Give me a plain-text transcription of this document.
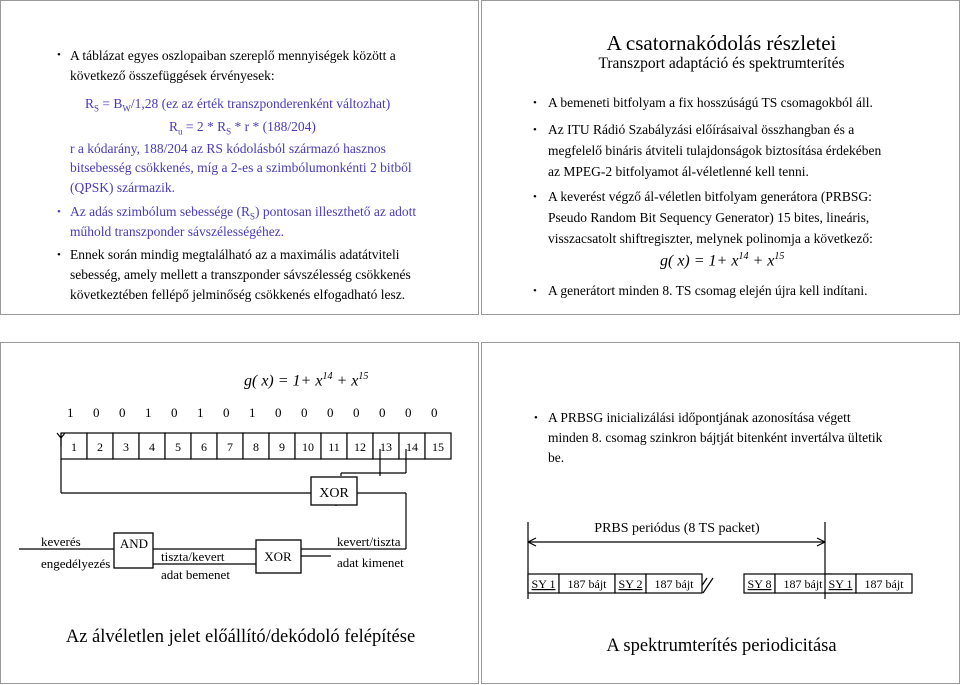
• A táblázat egyes oszlopaiban szereplő mennyiségek között a
következő összefüggések érvényesek:
$R_S = B_W/1,28$ (ez az érték transzponderenként változhat)
$R_u = 2 * R_S * r * (188/204)$
r a kódarány, 188/204 az RS kódolásból származó hasznos
bitsebesség csökkenés, míg a 2-es a szimbólumonkénti 2 bitből
(QPSK) származik.
• Az adás szimbólum sebessége $(R_S)$ pontosan illeszthető az adott
műhold transzponder sávszélességéhez.
• Ennek során mindig megtalálható az a maximális adatátviteli
sebesség, amely mellett a transzponder sávszélesség csökkenés
következtében fellépő jelminőség csökkenés elfogadható lesz.
A csatornakódolás részletei
Transzport adaptáció és spektrumterítés
• A bemeneti bitfolyam a fix hosszúságú TS csomagokból áll.
• Az ITU Rádió Szabályzási előírásaival összhangban és a
megfelelő bináris átviteli tulajdonságok biztosítása érdekében
az MPEG-2 bitfolyamot ál-véletlenné kell tenni.
• A keverést végző ál-véletlen bitfolyam generátora (PRBSG:
Pseudo Random Bit Sequency Generator) 15 bites, lineáris,
visszacsatolt shiftregiszter, melynek polinomja a következő:
g( $x) = 1+ x^{14} + x^{15}$
• A generátort minden 8. TS csomag elején újra kell indítani.
g( $x) = 1+ x^{14} + x^{15}$
1 0 0 1 0 1 0 1 0 0 0 0 0 0 0
1 2 3 4 5 6 7 8 9 10 11 12 13 14 15
XOR
AND
XOR
keverés
engedélyezés	tiszta/kevert
adat bemenet
kevert/tiszta
adat kimenet
Az álvéletlen jelet előállító/dekódoló felépítése
• A PRBSG inicializálási időpontjának azonosítása végett
minden 8. csomag szinkron bájtját bitenként invertálva ültetik
be.
PRBS periódus (8 TS packet)
SY 1 187 bájt SY 2 187 bájt	SY 8 187 bájt SY 1 187 bájt
A spektrumterítés periodicitása
